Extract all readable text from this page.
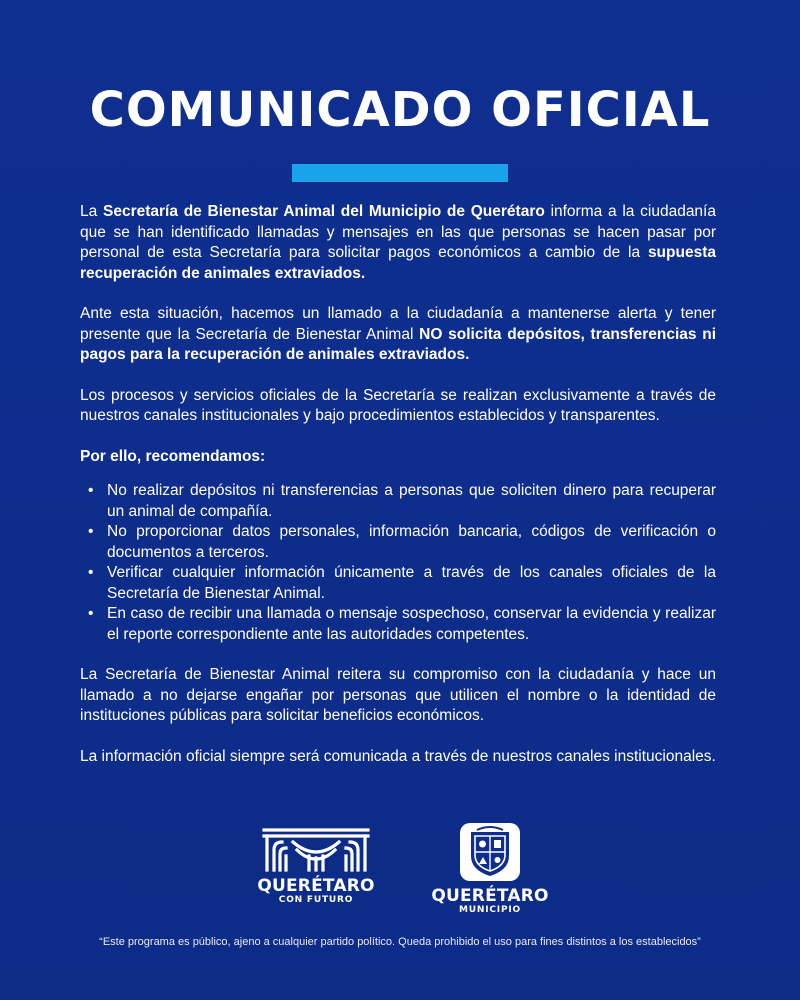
COMUNICADO OFICIAL

La Secretaría de Bienestar Animal del Municipio de Querétaro informa a la ciudadanía que se han identificado llamadas y mensajes en las que personas se hacen pasar por personal de esta Secretaría para solicitar pagos económicos a cambio de la supuesta recuperación de animales extraviados.

Ante esta situación, hacemos un llamado a la ciudadanía a mantenerse alerta y tener presente que la Secretaría de Bienestar Animal NO solicita depósitos, transferencias ni pagos para la recuperación de animales extraviados.

Los procesos y servicios oficiales de la Secretaría se realizan exclusivamente a través de nuestros canales institucionales y bajo procedimientos establecidos y transparentes.

Por ello, recomendamos:
• No realizar depósitos ni transferencias a personas que soliciten dinero para recuperar un animal de compañía.
• No proporcionar datos personales, información bancaria, códigos de verificación o documentos a terceros.
• Verificar cualquier información únicamente a través de los canales oficiales de la Secretaría de Bienestar Animal.
• En caso de recibir una llamada o mensaje sospechoso, conservar la evidencia y realizar el reporte correspondiente ante las autoridades competentes.

La Secretaría de Bienestar Animal reitera su compromiso con la ciudadanía y hace un llamado a no dejarse engañar por personas que utilicen el nombre o la identidad de instituciones públicas para solicitar beneficios económicos.

La información oficial siempre será comunicada a través de nuestros canales institucionales.

QUERÉTARO
CON FUTURO	QUERÉTARO
MUNICIPIO
“Este programa es público, ajeno a cualquier partido político. Queda prohibido el uso para fines distintos a los establecidos”
